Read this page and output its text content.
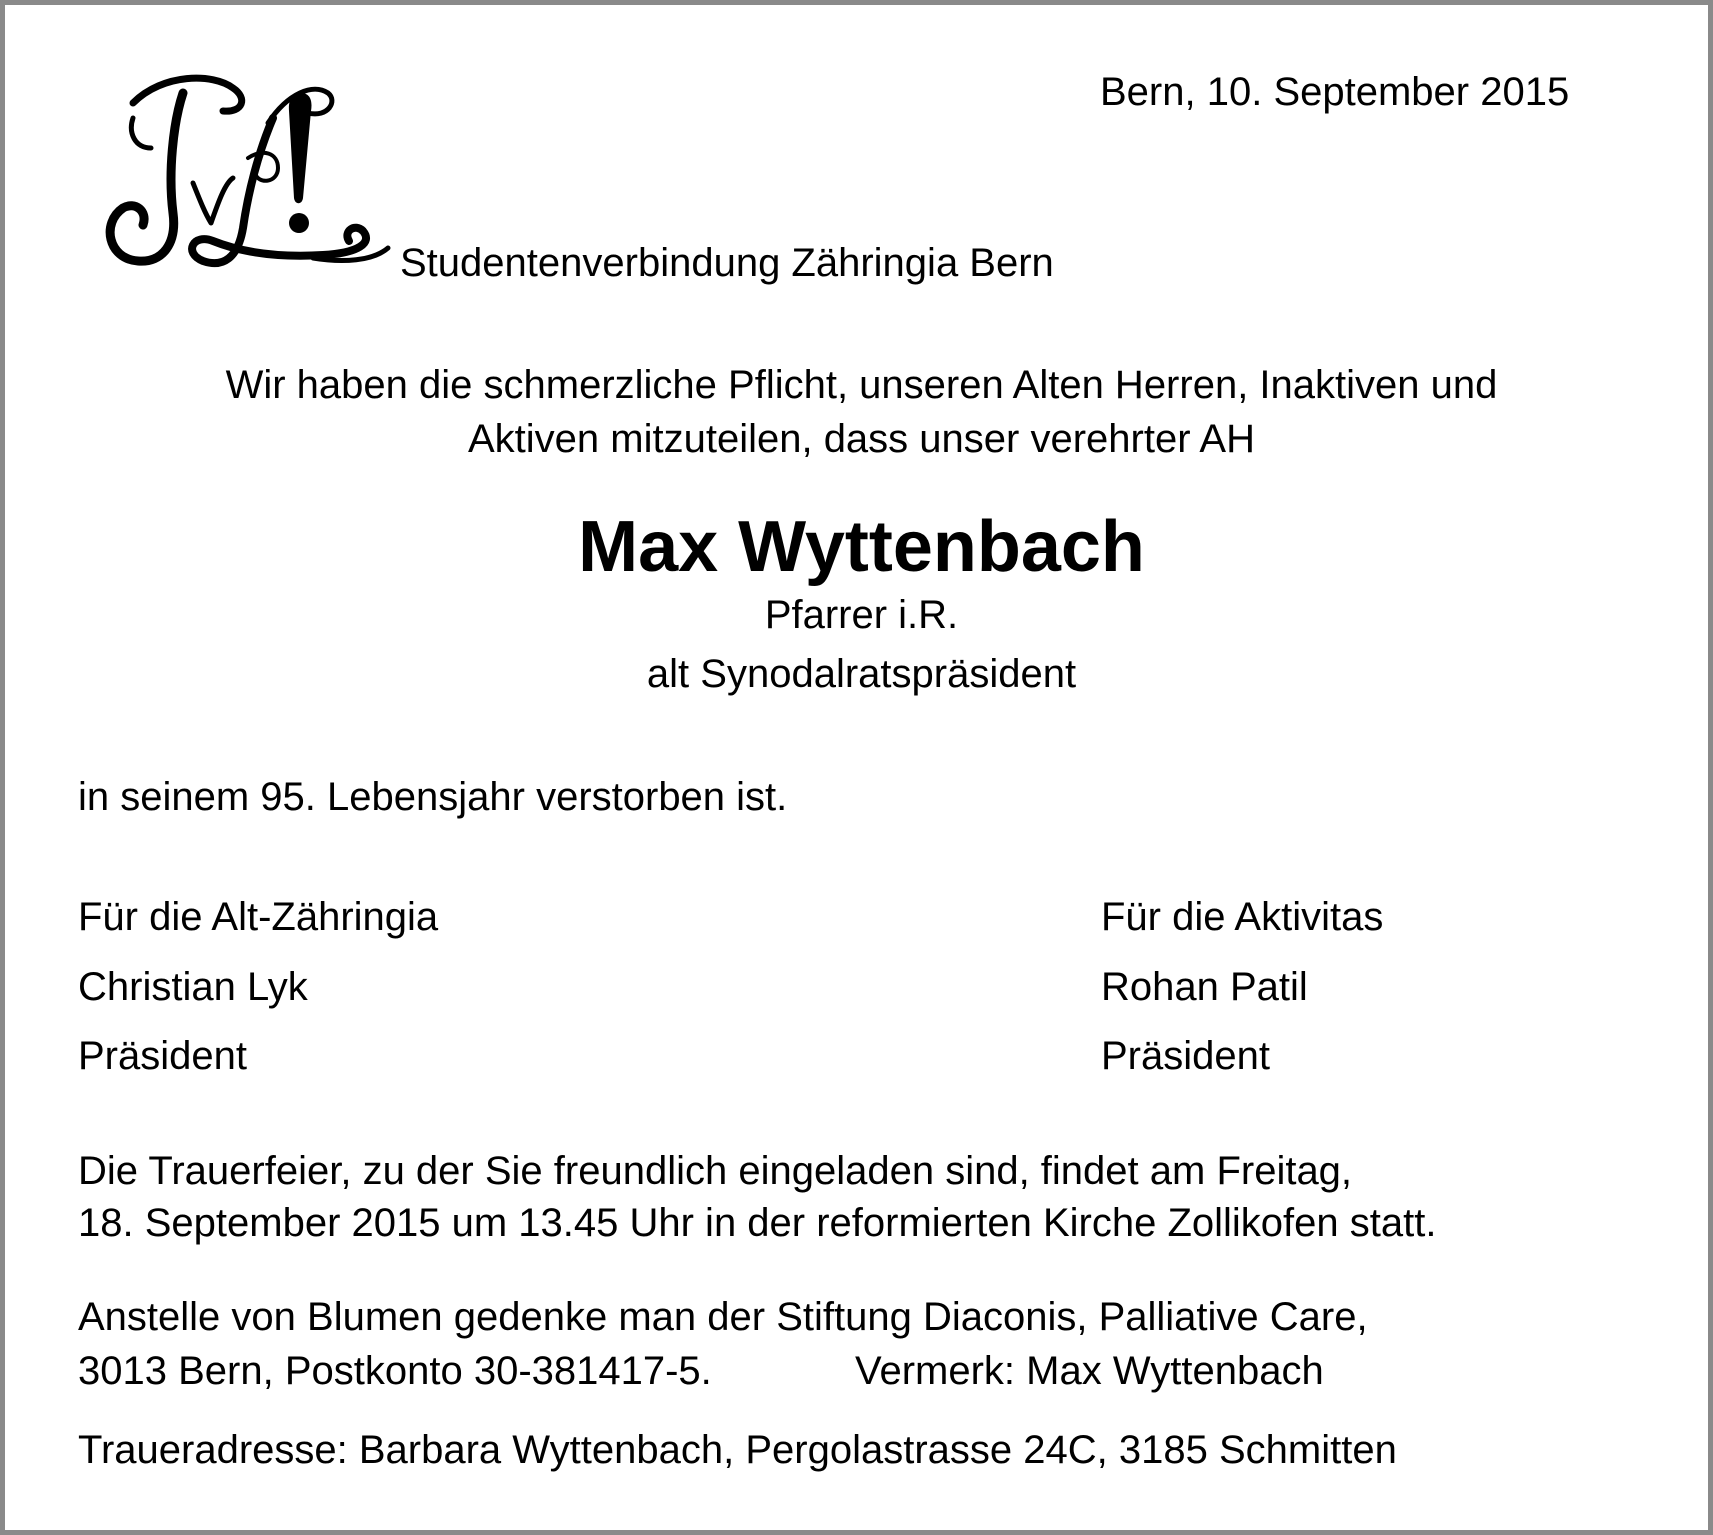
Bern, 10. September 2015
Studentenverbindung Zähringia Bern
Wir haben die schmerzliche Pflicht, unseren Alten Herren, Inaktiven und
Aktiven mitzuteilen, dass unser verehrter AH
Max Wyttenbach
Pfarrer i.R.
alt Synodalratspräsident
in seinem 95. Lebensjahr verstorben ist.
Für die Alt-Zähringia
Christian Lyk
Präsident
Für die Aktivitas
Rohan Patil
Präsident
Die Trauerfeier, zu der Sie freundlich eingeladen sind, findet am Freitag,
18. September 2015 um 13.45 Uhr in der reformierten Kirche Zollikofen statt.
Anstelle von Blumen gedenke man der Stiftung Diaconis, Palliative Care,
3013 Bern, Postkonto 30-381417-5.	Vermerk: Max Wyttenbach
Traueradresse: Barbara Wyttenbach, Pergolastrasse 24C, 3185 Schmitten
